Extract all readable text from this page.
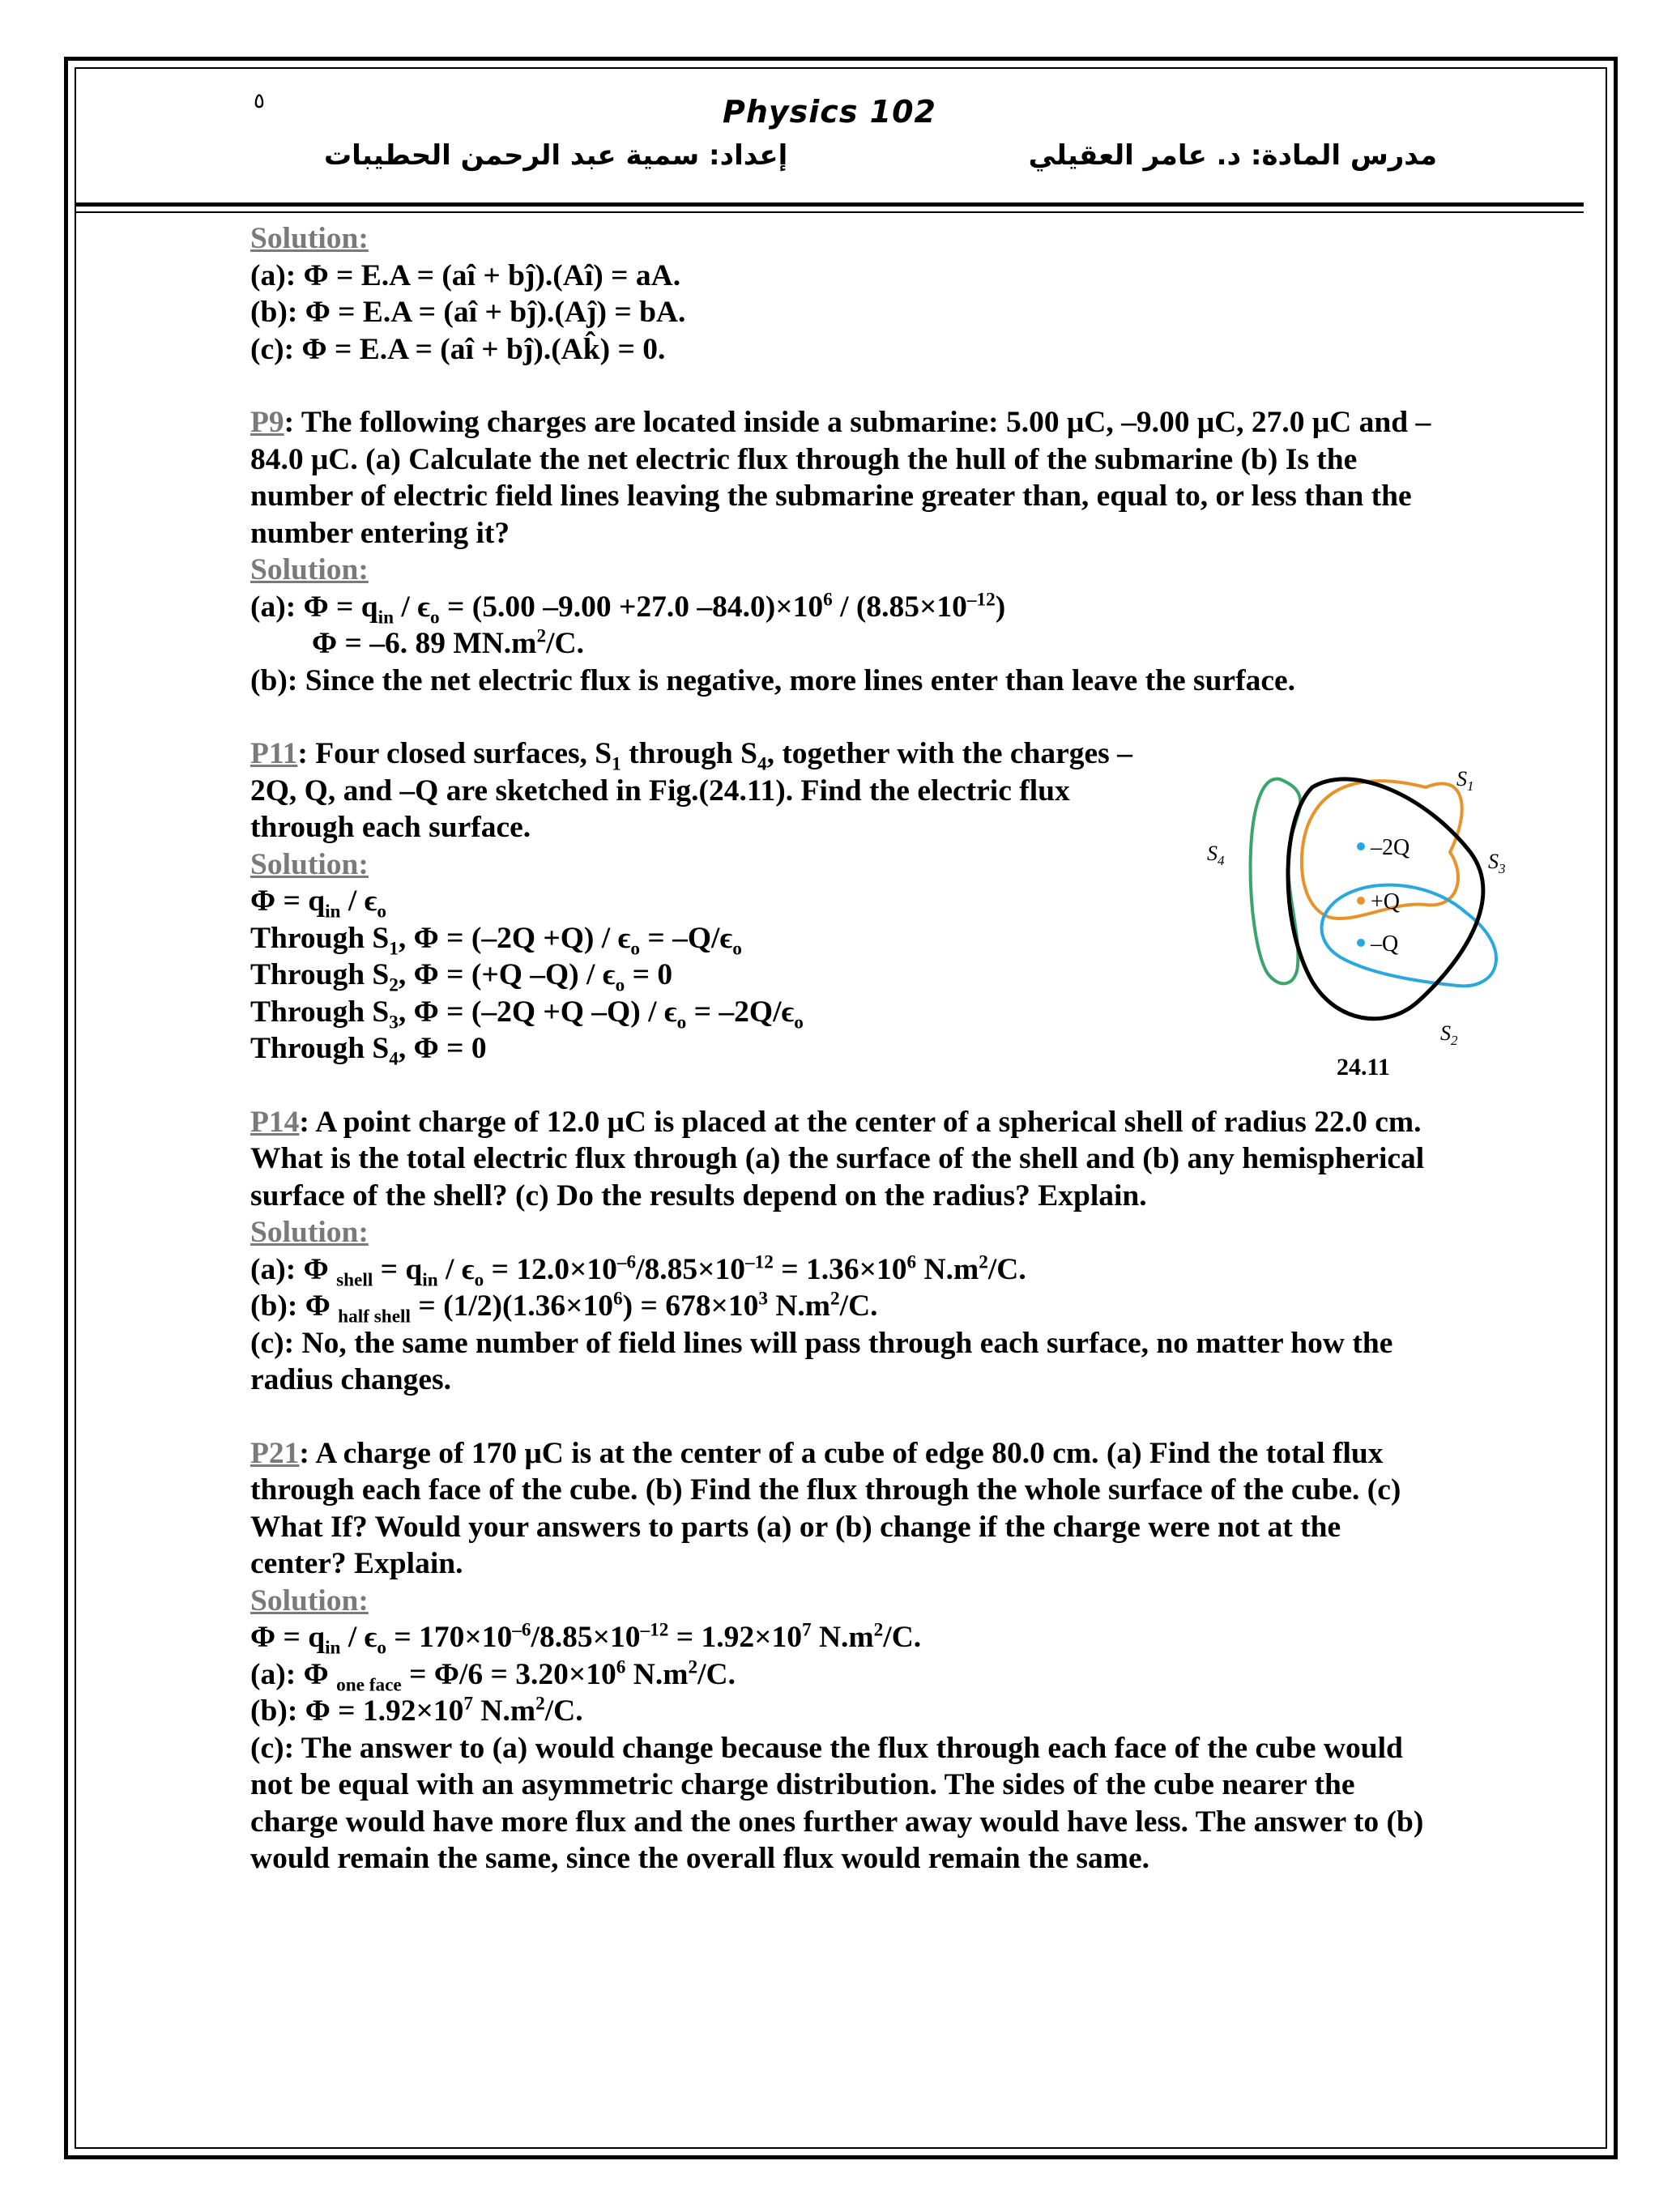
٥	Physics 102
إعداد: سمية عبد الرحمن الحطيبات	مدرس المادة: د. عامر العقيلي

Solution:

(a): Φ = E.A = (aî + bĵ).(Aî) = aA.

(b): Φ = E.A = (aî + bĵ).(Aĵ) = bA.

(c): Φ = E.A = (aî + bĵ).(Ak̂) = 0.

P9: The following charges are located inside a submarine: 5.00 μC, –9.00 μC, 27.0 μC and –84.0 μC. (a) Calculate the net electric flux through the hull of the submarine (b) Is the number of electric field lines leaving the submarine greater than, equal to, or less than the number entering it?

Solution:

(a): $\Phi = q_{in} / \epsilon_o = (5.00$ –9.00 +27.0 $-84.0)\times 10^6 / (8.85\times 10^{-12})$

Φ = –6. 89 $MN.m^2/C$.

(b): Since the net electric flux is negative, more lines enter than leave the surface.

P11: Four closed surfaces, $S_1$ through $S_4$, together with the charges –2Q, Q, and –Q are sketched in Fig.(24.11). Find the electric flux through each surface.

Solution:

$\Phi = q_{in} / \epsilon_o$

Through $S_1$, $\Phi = (-2Q +Q) / \epsilon_o = -Q/\epsilon_o$

Through $S_2$, Φ = (+Q $-Q) / \epsilon_o = 0$

Through $S_3$, Φ = (–2Q +Q $-Q) / \epsilon_o = -2Q/\epsilon_o$

Through $S_4$, Φ = 0

P14: A point charge of 12.0 μC is placed at the center of a spherical shell of radius 22.0 cm. What is the total electric flux through (a) the surface of the shell and (b) any hemispherical surface of the shell? (c) Do the results depend on the radius? Explain.

Solution:

(a): Φ $_{shell} = q_{in} / \epsilon_o = 12.0\times 10^{-6}/8.85\times 10^{-12} = 1.36\times 10^6$ $N.m^2/C$.

(b): Φ $_{half shell} = (1/2)(1.36\times 10^6) = 678\times 10^3$ $N.m^2/C$.

(c): No, the same number of field lines will pass through each surface, no matter how the radius changes.

P21: A charge of 170 μC is at the center of a cube of edge 80.0 cm. (a) Find the total flux through each face of the cube. (b) Find the flux through the whole surface of the cube. (c) What If? Would your answers to parts (a) or (b) change if the charge were not at the center? Explain.

Solution:

$\Phi = q_{in} / \epsilon_o = 170\times 10^{-6}/8.85\times 10^{-12} = 1.92\times 10^7$ $N.m^2/C$.

(a): Φ $_{one face} = \Phi/6 = 3.20\times 10^6$ $N.m^2/C$.

(b): $\Phi = 1.92\times 10^7$ $N.m^2/C$.

(c): The answer to (a) would change because the flux through each face of the cube would not be equal with an asymmetric charge distribution. The sides of the cube nearer the charge would have more flux and the ones further away would have less. The answer to (b) would remain the same, since the overall flux would remain the same.

–2Q
+Q
–Q
$S_1$
$S_3$
$S_4$
$S_2$
24.11
